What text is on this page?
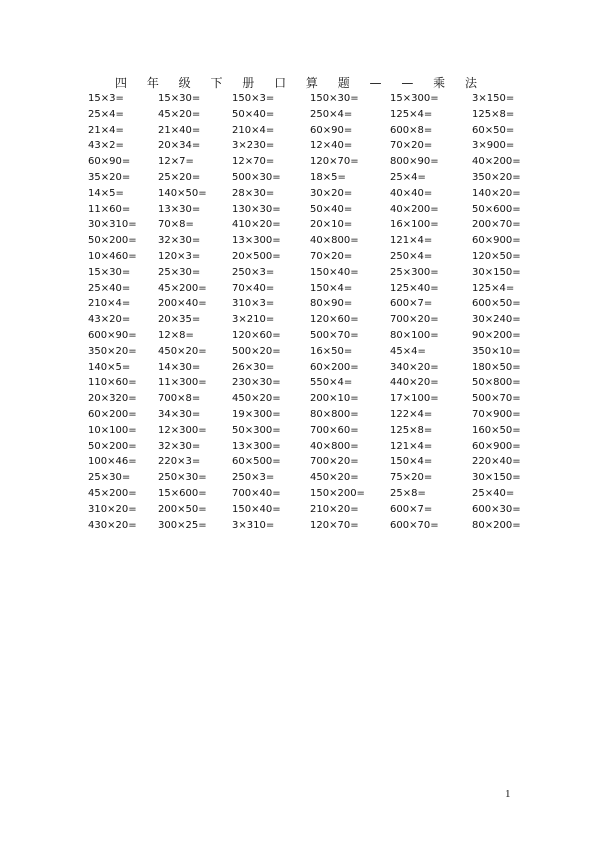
四 年 级 下 册 口 算 题 — — 乘 法
15×3=	15×30=	150×3=	150×30=	15×300=	3×150=
25×4=	45×20=	50×40=	250×4=	125×4=	125×8=
21×4=	21×40=	210×4=	60×90=	600×8=	60×50=
43×2=	20×34=	3×230=	12×40=	70×20=	3×900=
60×90=	12×7=	12×70=	120×70=	800×90=	40×200=
35×20=	25×20=	500×30=	18×5=	25×4=	350×20=
14×5=	140×50=	28×30=	30×20=	40×40=	140×20=
11×60=	13×30=	130×30=	50×40=	40×200=	50×600=
30×310=	70×8=	410×20=	20×10=	16×100=	200×70=
50×200=	32×30=	13×300=	40×800=	121×4=	60×900=
10×460=	120×3=	20×500=	70×20=	250×4=	120×50=
15×30=	25×30=	250×3=	150×40=	25×300=	30×150=
25×40=	45×200=	70×40=	150×4=	125×40=	125×4=
210×4=	200×40=	310×3=	80×90=	600×7=	600×50=
43×20=	20×35=	3×210=	120×60=	700×20=	30×240=
600×90=	12×8=	120×60=	500×70=	80×100=	90×200=
350×20=	450×20=	500×20=	16×50=	45×4=	350×10=
140×5=	14×30=	26×30=	60×200=	340×20=	180×50=
110×60=	11×300=	230×30=	550×4=	440×20=	50×800=
20×320=	700×8=	450×20=	200×10=	17×100=	500×70=
60×200=	34×30=	19×300=	80×800=	122×4=	70×900=
10×100=	12×300=	50×300=	700×60=	125×8=	160×50=
50×200=	32×30=	13×300=	40×800=	121×4=	60×900=
100×46=	220×3=	60×500=	700×20=	150×4=	220×40=
25×30=	250×30=	250×3=	450×20=	75×20=	30×150=
45×200=	15×600=	700×40=	150×200=	25×8=	25×40=
310×20=	200×50=	150×40=	210×20=	600×7=	600×30=
430×20=	300×25=	3×310=	120×70=	600×70=	80×200=
1
